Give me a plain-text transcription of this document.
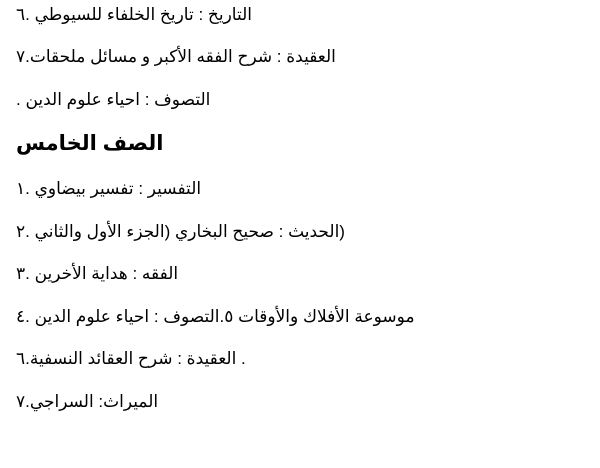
التاريخ : تاريخ الخلفاء للسيوطي .٦
العقيدة : شرح الفقه الأكبر و مسائل ملحقات.٧
التصوف : احياء علوم الدين .
الصف الخامس
التفسير : تفسير بيضاوي .١
(الحديث : صحيح البخاري (الجزء الأول والثاني .٢
الفقه : هداية الأخرين .٣
موسوعة الأفلاك والأوقات ٥.التصوف : احياء علوم الدين .٤
. العقيدة : شرح العقائد النسفية.٦
الميراث: السراجي.٧
